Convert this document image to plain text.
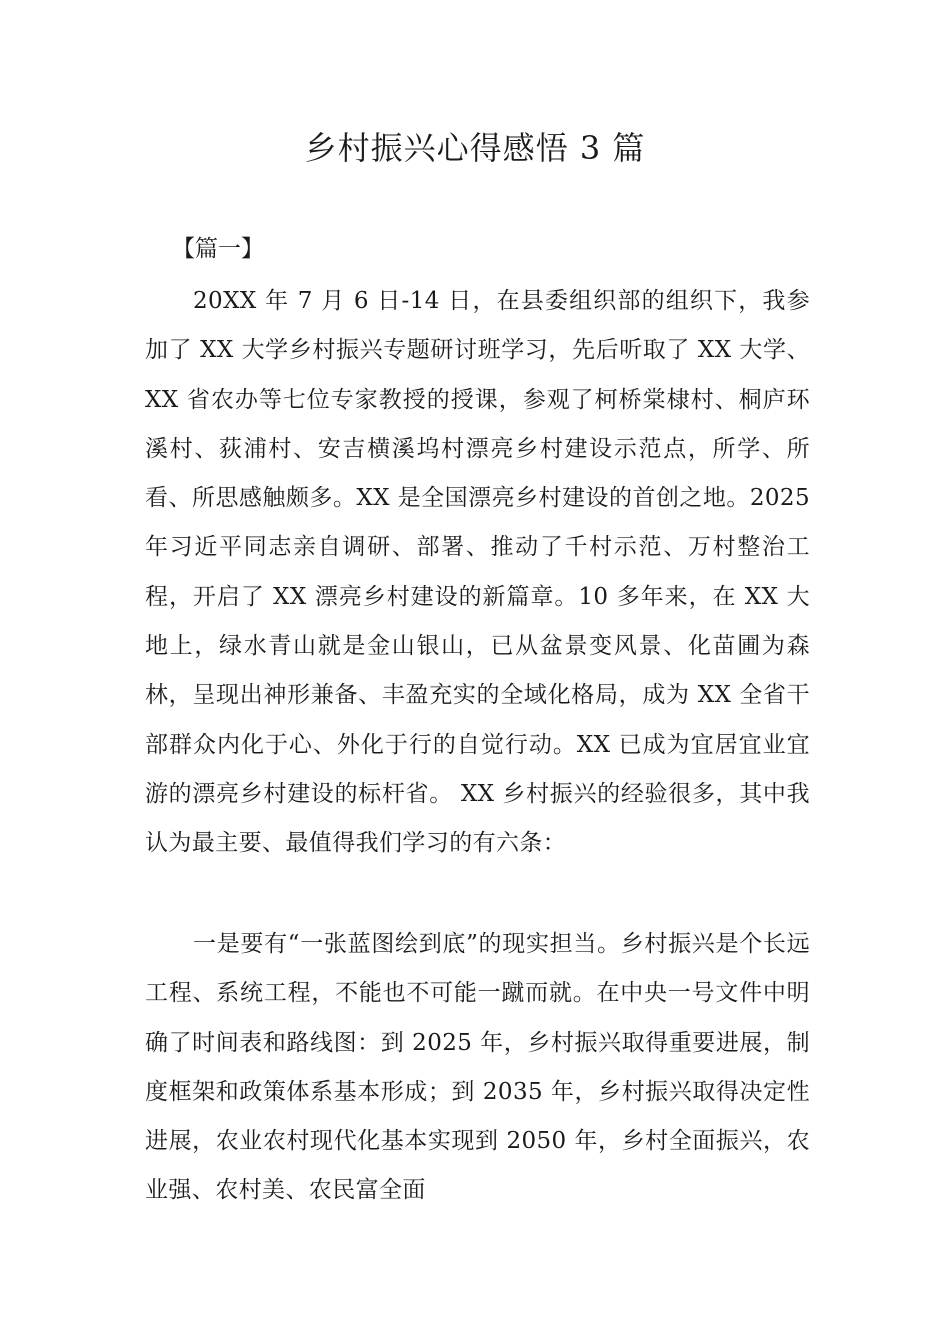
乡村振兴心得感悟 3 篇

【篇一】

20XX 年 7 月 6 日-14 日，在县委组织部的组织下，我参加了 XX 大学乡村振兴专题研讨班学习，先后听取了 XX 大学、XX 省农办等七位专家教授的授课，参观了柯桥棠棣村、桐庐环溪村、荻浦村、安吉横溪坞村漂亮乡村建设示范点，所学、所看、所思感触颇多。XX 是全国漂亮乡村建设的首创之地。2025 年习近平同志亲自调研、部署、推动了千村示范、万村整治工程，开启了 XX 漂亮乡村建设的新篇章。10 多年来，在 XX 大地上，绿水青山就是金山银山，已从盆景变风景、化苗圃为森林，呈现出神形兼备、丰盈充实的全域化格局，成为 XX 全省干部群众内化于心、外化于行的自觉行动。XX 已成为宜居宜业宜游的漂亮乡村建设的标杆省。 XX 乡村振兴的经验很多，其中我认为最主要、最值得我们学习的有六条：

一是要有“一张蓝图绘到底”的现实担当。乡村振兴是个长远工程、系统工程，不能也不可能一蹴而就。在中央一号文件中明确了时间表和路线图：到 2025 年，乡村振兴取得重要进展，制度框架和政策体系基本形成；到 2035 年，乡村振兴取得决定性进展，农业农村现代化基本实现到 2050 年，乡村全面振兴，农业强、农村美、农民富全面
